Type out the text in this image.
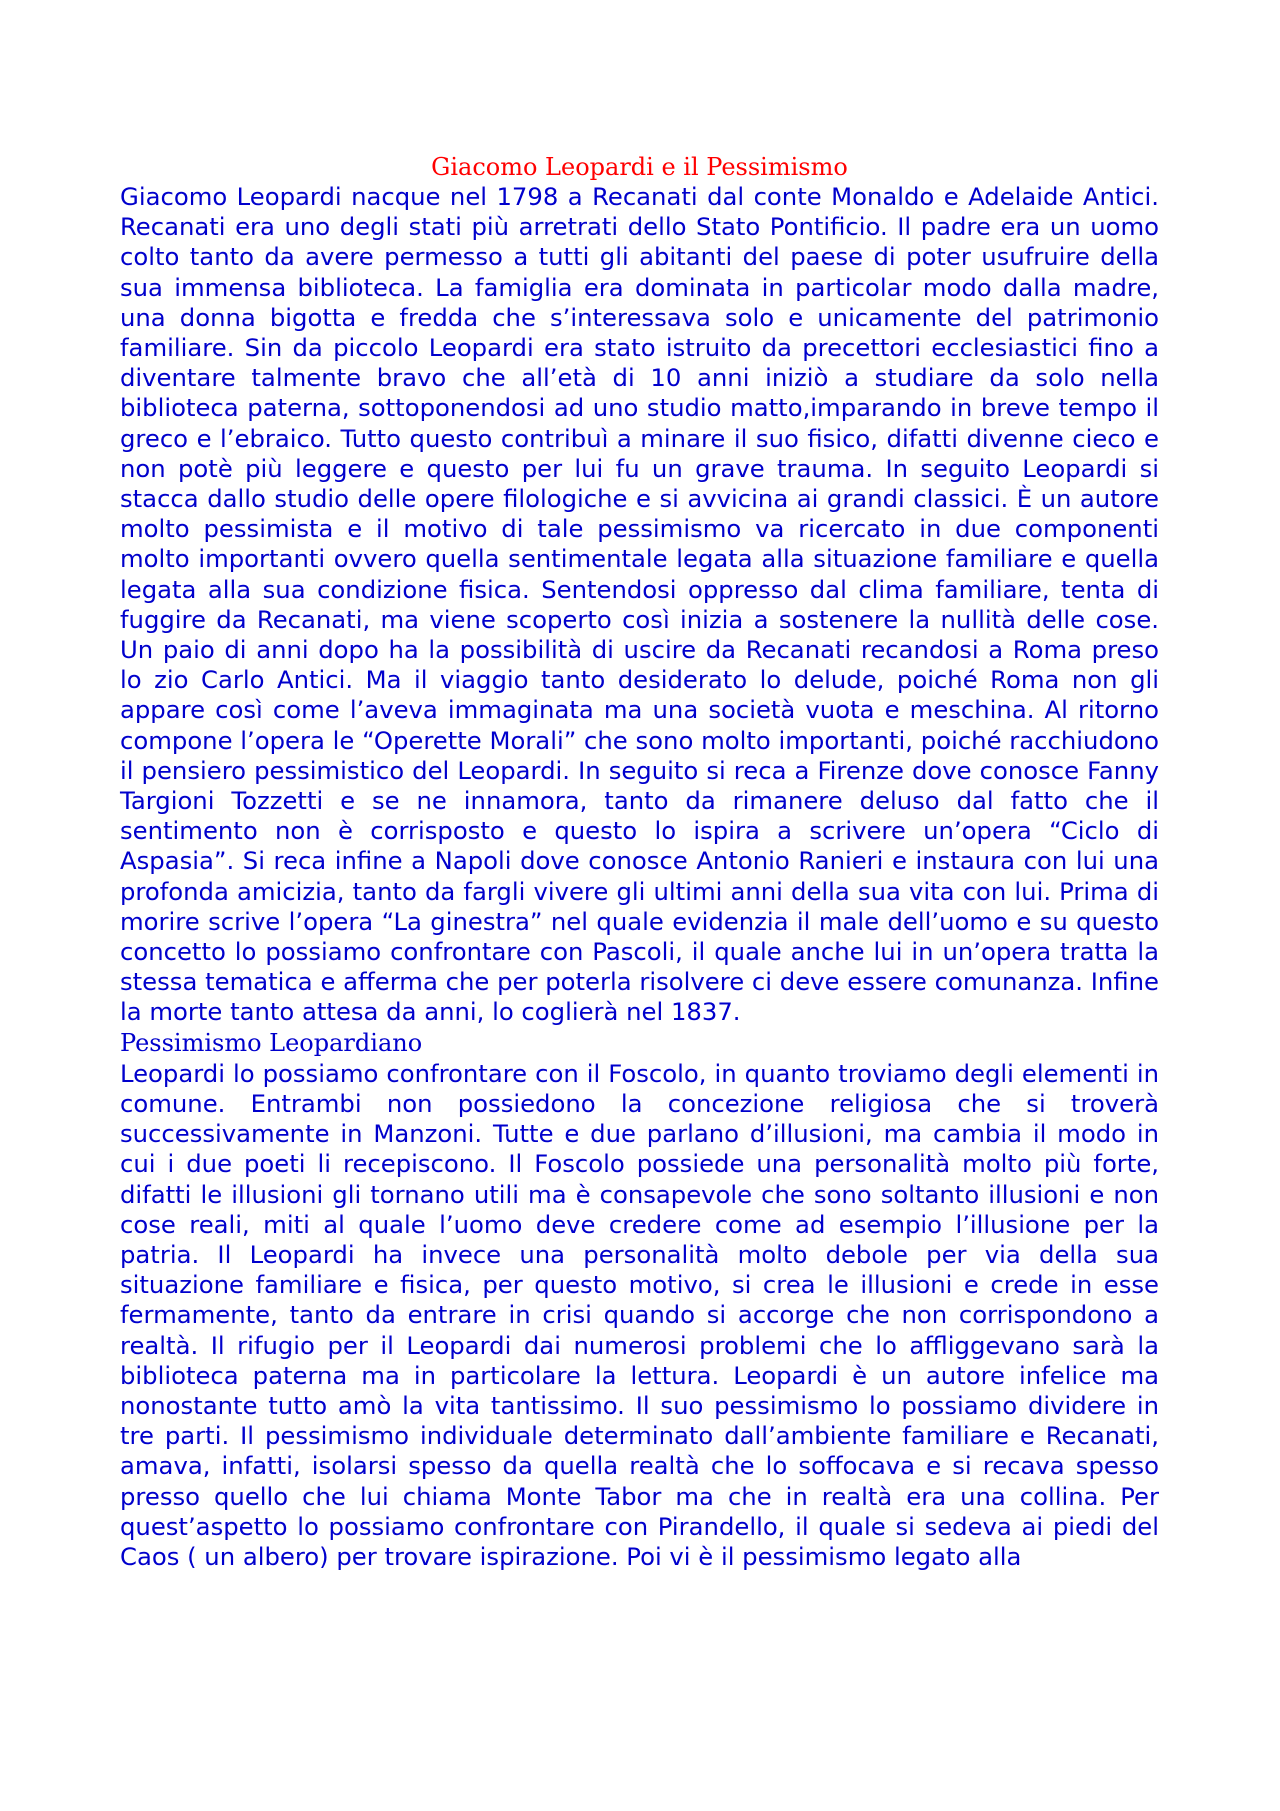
Giacomo Leopardi e il Pessimismo

Giacomo Leopardi nacque nel 1798 a Recanati dal conte Monaldo e Adelaide Antici. Recanati era uno degli stati più arretrati dello Stato Pontificio. Il padre era un uomo colto tanto da avere permesso a tutti gli abitanti del paese di poter usufruire della sua immensa biblioteca. La famiglia era dominata in particolar modo dalla madre, una donna bigotta e fredda che s’interessava solo e unicamente del patrimonio familiare. Sin da piccolo Leopardi era stato istruito da precettori ecclesiastici fino a diventare talmente bravo che all’età di 10 anni iniziò a studiare da solo nella biblioteca paterna, sottoponendosi ad uno studio matto,imparando in breve tempo il greco e l’ebraico. Tutto questo contribuì a minare il suo fisico, difatti divenne cieco e non potè più leggere e questo per lui fu un grave trauma. In seguito Leopardi si stacca dallo studio delle opere filologiche e si avvicina ai grandi classici. È un autore molto pessimista e il motivo di tale pessimismo va ricercato in due componenti molto importanti ovvero quella sentimentale legata alla situazione familiare e quella legata alla sua condizione fisica. Sentendosi oppresso dal clima familiare, tenta di fuggire da Recanati, ma viene scoperto così inizia a sostenere la nullità delle cose. Un paio di anni dopo ha la possibilità di uscire da Recanati recandosi a Roma preso lo zio Carlo Antici. Ma il viaggio tanto desiderato lo delude, poiché Roma non gli appare così come l’aveva immaginata ma una società vuota e meschina. Al ritorno compone l’opera le “Operette Morali” che sono molto importanti, poiché racchiudono il pensiero pessimistico del Leopardi. In seguito si reca a Firenze dove conosce Fanny Targioni Tozzetti e se ne innamora, tanto da rimanere deluso dal fatto che il sentimento non è corrisposto e questo lo ispira a scrivere un’opera “Ciclo di Aspasia”. Si reca infine a Napoli dove conosce Antonio Ranieri e instaura con lui una profonda amicizia, tanto da fargli vivere gli ultimi anni della sua vita con lui. Prima di morire scrive l’opera “La ginestra” nel quale evidenzia il male dell’uomo e su questo concetto lo possiamo confrontare con Pascoli, il quale anche lui in un’opera tratta la stessa tematica e afferma che per poterla risolvere ci deve essere comunanza. Infine la morte tanto attesa da anni, lo coglierà nel 1837.

Pessimismo Leopardiano

Leopardi lo possiamo confrontare con il Foscolo, in quanto troviamo degli elementi in comune. Entrambi non possiedono la concezione religiosa che si troverà successivamente in Manzoni. Tutte e due parlano d’illusioni, ma cambia il modo in cui i due poeti li recepiscono. Il Foscolo possiede una personalità molto più forte, difatti le illusioni gli tornano utili ma è consapevole che sono soltanto illusioni e non cose reali, miti al quale l’uomo deve credere come ad esempio l’illusione per la patria. Il Leopardi ha invece una personalità molto debole per via della sua situazione familiare e fisica, per questo motivo, si crea le illusioni e crede in esse fermamente, tanto da entrare in crisi quando si accorge che non corrispondono a realtà. Il rifugio per il Leopardi dai numerosi problemi che lo affliggevano sarà la biblioteca paterna ma in particolare la lettura. Leopardi è un autore infelice ma nonostante tutto amò la vita tantissimo. Il suo pessimismo lo possiamo dividere in tre parti. Il pessimismo individuale determinato dall’ambiente familiare e Recanati, amava, infatti, isolarsi spesso da quella realtà che lo soffocava e si recava spesso presso quello che lui chiama Monte Tabor ma che in realtà era una collina. Per quest’aspetto lo possiamo confrontare con Pirandello, il quale si sedeva ai piedi del Caos ( un albero) per trovare ispirazione. Poi vi è il pessimismo legato alla
